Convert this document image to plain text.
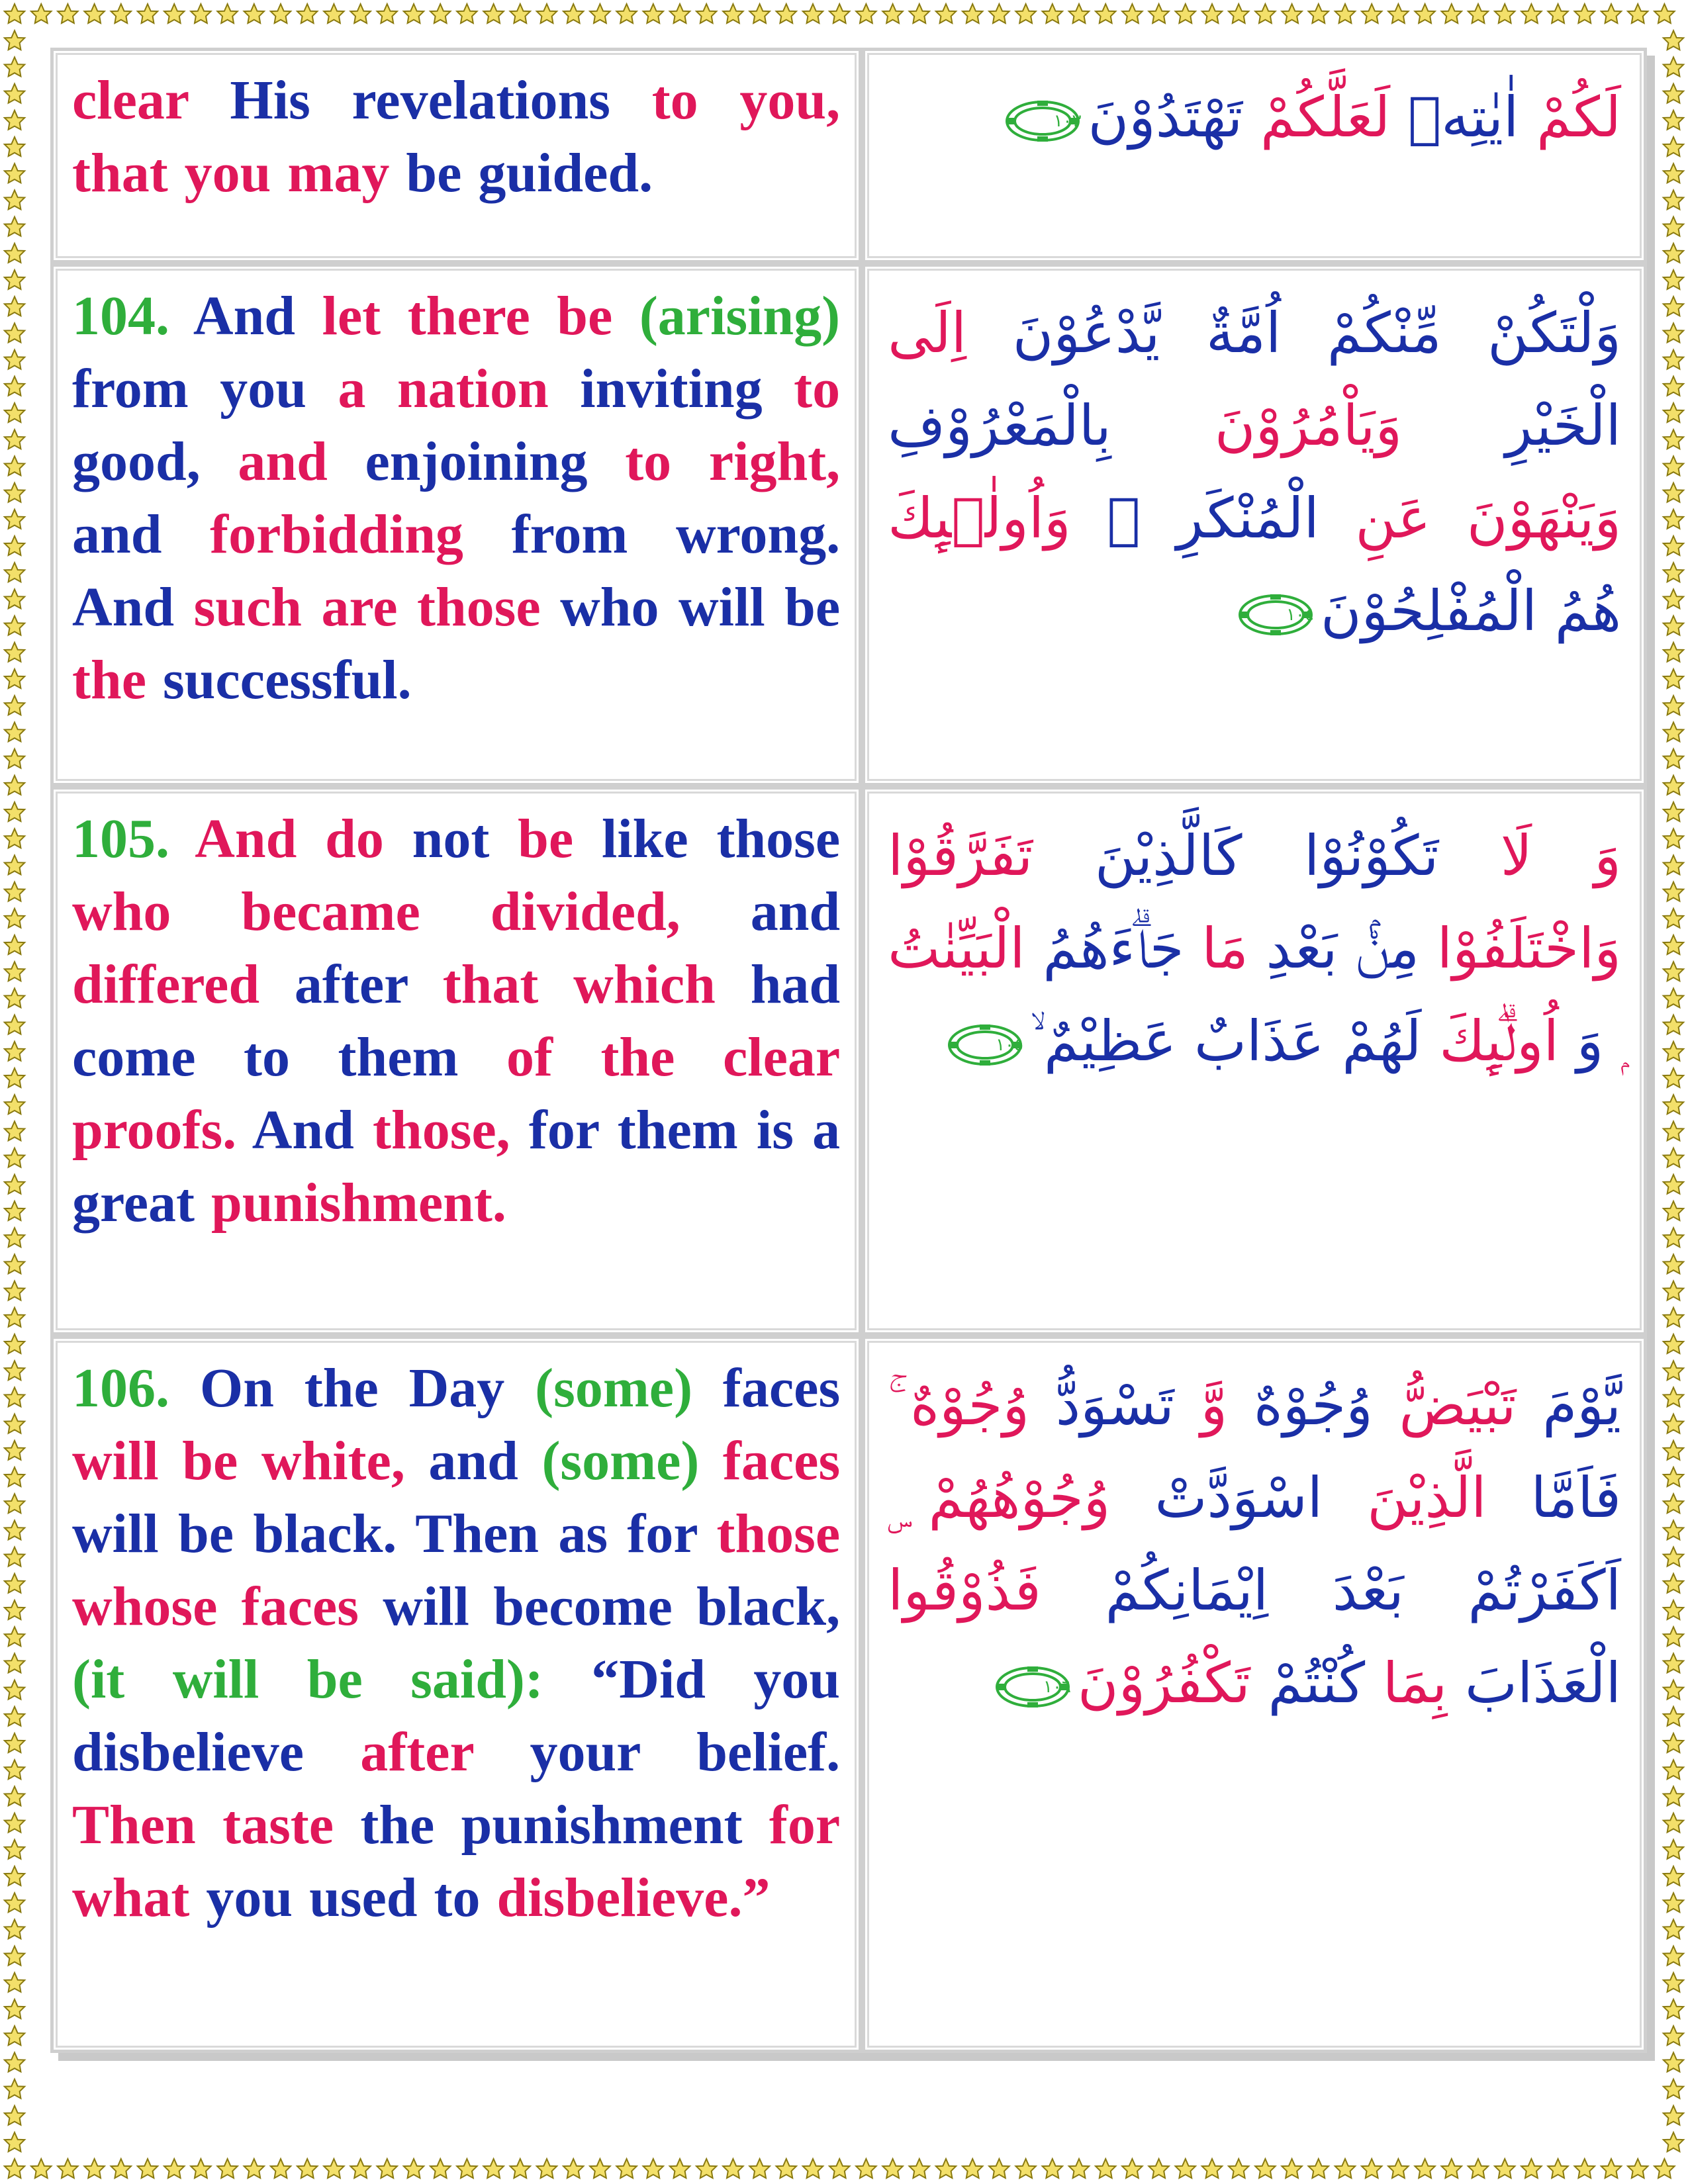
clear His revelations to you, that you may be guided.	لَكُمْ اٰيٰتِهٖ لَعَلَّكُمْ تَهْتَدُوْنَ
١٠٣

104. And let there be (arising) from you a nation inviting to good, and enjoining to right, and forbidding from wrong. And such are those who will be the successful.	وَلْتَكُنْ مِّنْكُمْ اُمَّةٌ يَّدْعُوْنَ اِلَى الْخَيْرِ وَيَاْمُرُوْنَ بِالْمَعْرُوْفِ وَيَنْهَوْنَ عَنِ الْمُنْكَرِ ۭ وَاُولٰۗىِٕكَ هُمُ الْمُفْلِحُوْنَ
١٠٤

105. And do not be like those who became divided, and differed after that which had come to them of the clear proofs. And those, for them is a great punishment.	وَ لَا تَكُوْنُوْا كَالَّذِيْنَ تَفَرَّقُوْا وَاخْتَلَفُوْا مِنْۢ بَعْدِ مَا جَاۗءَھُمُ الْبَيِّنٰتُ ۭ وَ اُولٰۗىِٕكَ لَھُمْ عَذَابٌ عَظِيْمٌ ۙ
١٠٥

106. On the Day (some) faces will be white, and (some) faces will be black. Then as for those whose faces will become black, (it will be said): “Did you disbelieve after your belief. Then taste the punishment for what you used to disbelieve.”	يَّوْمَ تَبْيَضُّ وُجُوْهٌ وَّ تَسْوَدُّ وُجُوْهٌ ۚ فَاَمَّا الَّذِيْنَ اسْوَدَّتْ وُجُوْھُھُمْ ۣ اَكَفَرْتُمْ بَعْدَ اِيْمَانِكُمْ فَذُوْقُوا الْعَذَابَ بِمَا كُنْتُمْ تَكْفُرُوْنَ
١٠٦
